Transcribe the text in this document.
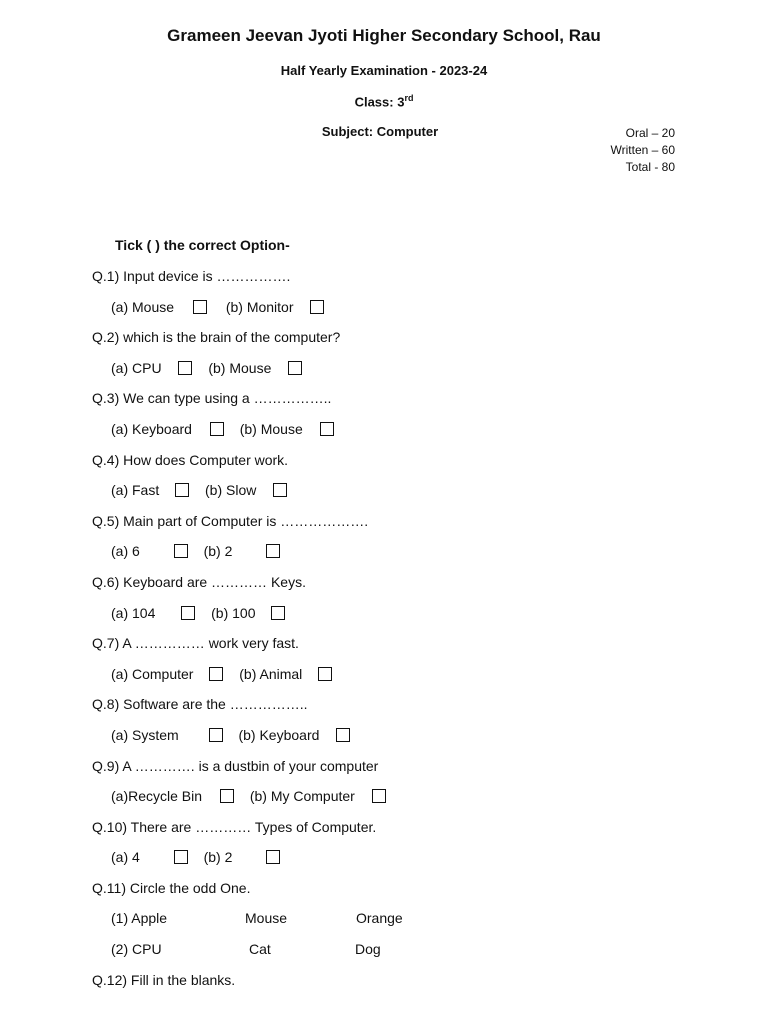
Grameen Jeevan Jyoti Higher Secondary School, Rau
Half Yearly Examination - 2023-24
Class: 3rd
Subject: Computer	Oral – 20
Written – 60
Total - 80
Tick ( ) the correct Option-
Q.1) Input device is …………….
(a) Mouse	(b) Monitor
Q.2) which is the brain of the computer?
(a) CPU	(b) Mouse
Q.3) We can type using a ……………..
(a) Keyboard	(b) Mouse
Q.4) How does Computer work.
(a) Fast	(b) Slow
Q.5) Main part of Computer is ……………….
(a) 6	(b) 2
Q.6) Keyboard are ………… Keys.
(a) 104	(b) 100
Q.7) A …………… work very fast.
(a) Computer	(b) Animal
Q.8) Software are the ……………..
(a) System	(b) Keyboard
Q.9) A …………. is a dustbin of your computer
(a)Recycle Bin	(b) My Computer
Q.10) There are ………… Types of Computer.
(a) 4	(b) 2
Q.11) Circle the odd One.
(1) Apple	Mouse	Orange
(2) CPU	Cat	Dog
Q.12) Fill in the blanks.
